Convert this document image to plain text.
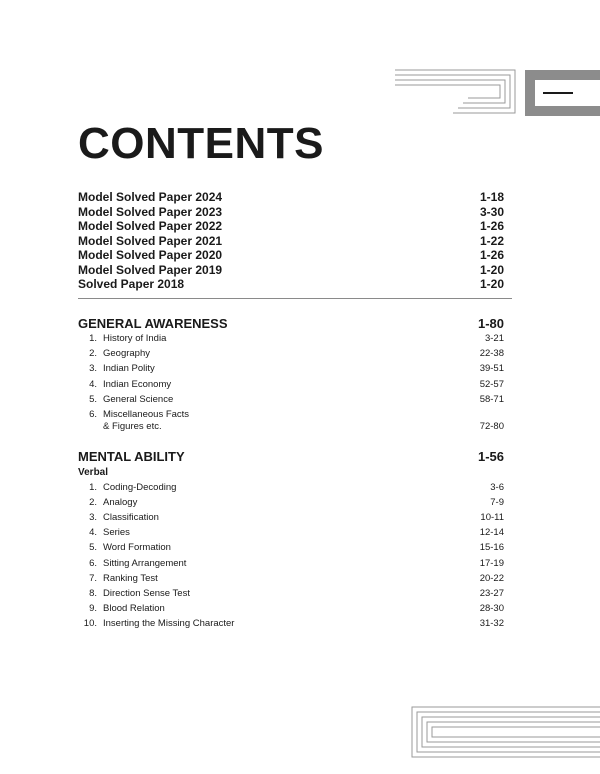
CONTENTS
Model Solved Paper 2024	1-18
Model Solved Paper 2023	3-30
Model Solved Paper 2022	1-26
Model Solved Paper 2021	1-22
Model Solved Paper 2020	1-26
Model Solved Paper 2019	1-20
Solved Paper 2018	1-20
GENERAL AWARENESS	1-80
1. History of India	3-21
2. Geography	22-38
3. Indian Polity	39-51
4. Indian Economy	52-57
5. General Science	58-71
6. Miscellaneous Facts
& Figures etc.	72-80
MENTAL ABILITY	1-56
Verbal
1. Coding-Decoding	3-6
2. Analogy	7-9
3. Classification	10-11
4. Series	12-14
5. Word Formation	15-16
6. Sitting Arrangement	17-19
7. Ranking Test	20-22
8. Direction Sense Test	23-27
9. Blood Relation	28-30
10. Inserting the Missing Character	31-32
